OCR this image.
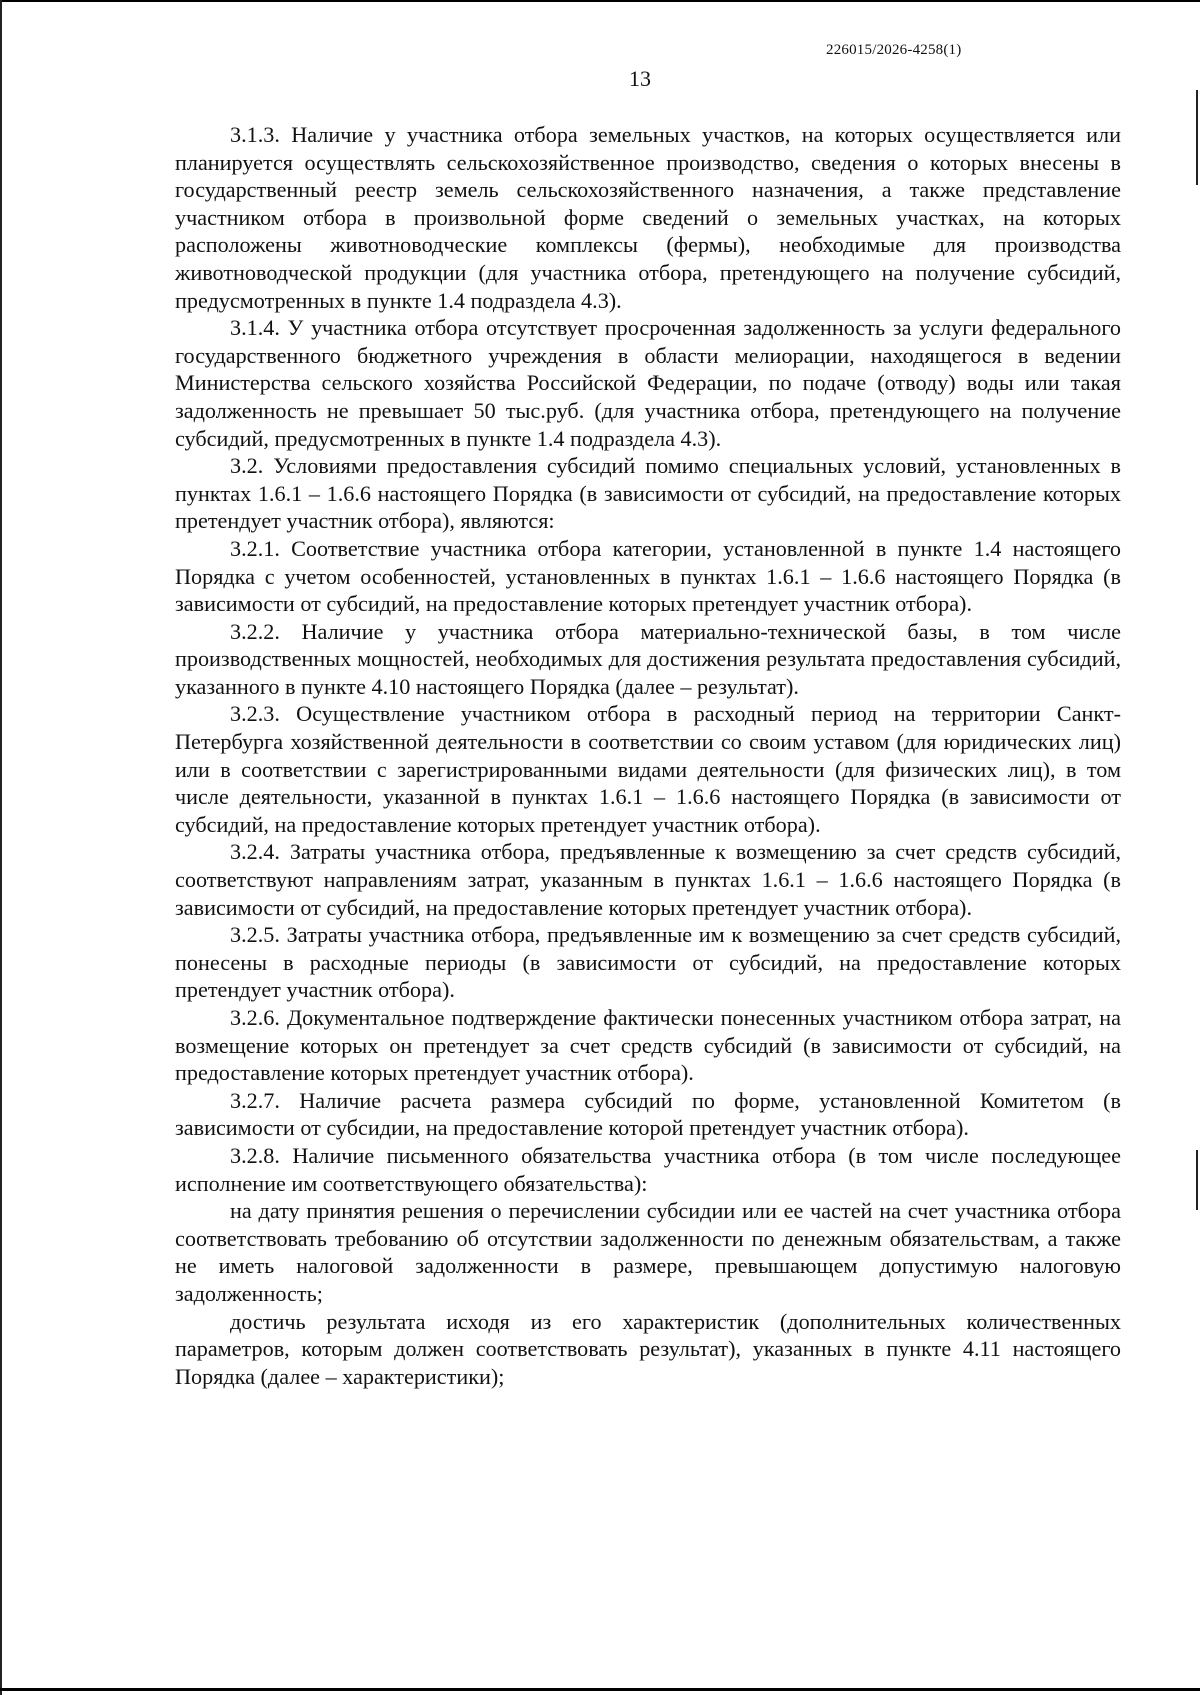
226015/2026-4258(1)
13

3.1.3. Наличие у участника отбора земельных участков, на которых осуществляется или планируется осуществлять сельскохозяйственное производство, сведения о которых внесены в государственный реестр земель сельскохозяйственного назначения, а также представление участником отбора в произвольной форме сведений о земельных участках, на которых расположены животноводческие комплексы (фермы), необходимые для производства животноводческой продукции (для участника отбора, претендующего на получение субсидий, предусмотренных в пункте 1.4 подраздела 4.3).

3.1.4. У участника отбора отсутствует просроченная задолженность за услуги федерального государственного бюджетного учреждения в области мелиорации, находящегося в ведении Министерства сельского хозяйства Российской Федерации, по подаче (отводу) воды или такая задолженность не превышает 50 тыс.руб. (для участника отбора, претендующего на получение субсидий, предусмотренных в пункте 1.4 подраздела 4.3).

3.2. Условиями предоставления субсидий помимо специальных условий, установленных в пунктах 1.6.1 – 1.6.6 настоящего Порядка (в зависимости от субсидий, на предоставление которых претендует участник отбора), являются:

3.2.1. Соответствие участника отбора категории, установленной в пункте 1.4 настоящего Порядка с учетом особенностей, установленных в пунктах 1.6.1 – 1.6.6 настоящего Порядка (в зависимости от субсидий, на предоставление которых претендует участник отбора).

3.2.2. Наличие у участника отбора материально-технической базы, в том числе производственных мощностей, необходимых для достижения результата предоставления субсидий, указанного в пункте 4.10 настоящего Порядка (далее – результат).

3.2.3. Осуществление участником отбора в расходный период на территории Санкт-Петербурга хозяйственной деятельности в соответствии со своим уставом (для юридических лиц) или в соответствии с зарегистрированными видами деятельности (для физических лиц), в том числе деятельности, указанной в пунктах 1.6.1 – 1.6.6 настоящего Порядка (в зависимости от субсидий, на предоставление которых претендует участник отбора).

3.2.4. Затраты участника отбора, предъявленные к возмещению за счет средств субсидий, соответствуют направлениям затрат, указанным в пунктах 1.6.1 – 1.6.6 настоящего Порядка (в зависимости от субсидий, на предоставление которых претендует участник отбора).

3.2.5. Затраты участника отбора, предъявленные им к возмещению за счет средств субсидий, понесены в расходные периоды (в зависимости от субсидий, на предоставление которых претендует участник отбора).

3.2.6. Документальное подтверждение фактически понесенных участником отбора затрат, на возмещение которых он претендует за счет средств субсидий (в зависимости от субсидий, на предоставление которых претендует участник отбора).

3.2.7. Наличие расчета размера субсидий по форме, установленной Комитетом (в зависимости от субсидии, на предоставление которой претендует участник отбора).

3.2.8. Наличие письменного обязательства участника отбора (в том числе последующее исполнение им соответствующего обязательства):

на дату принятия решения о перечислении субсидии или ее частей на счет участника отбора соответствовать требованию об отсутствии задолженности по денежным обязательствам, а также не иметь налоговой задолженности в размере, превышающем допустимую налоговую задолженность;

достичь результата исходя из его характеристик (дополнительных количественных параметров, которым должен соответствовать результат), указанных в пункте 4.11 настоящего Порядка (далее – характеристики);
